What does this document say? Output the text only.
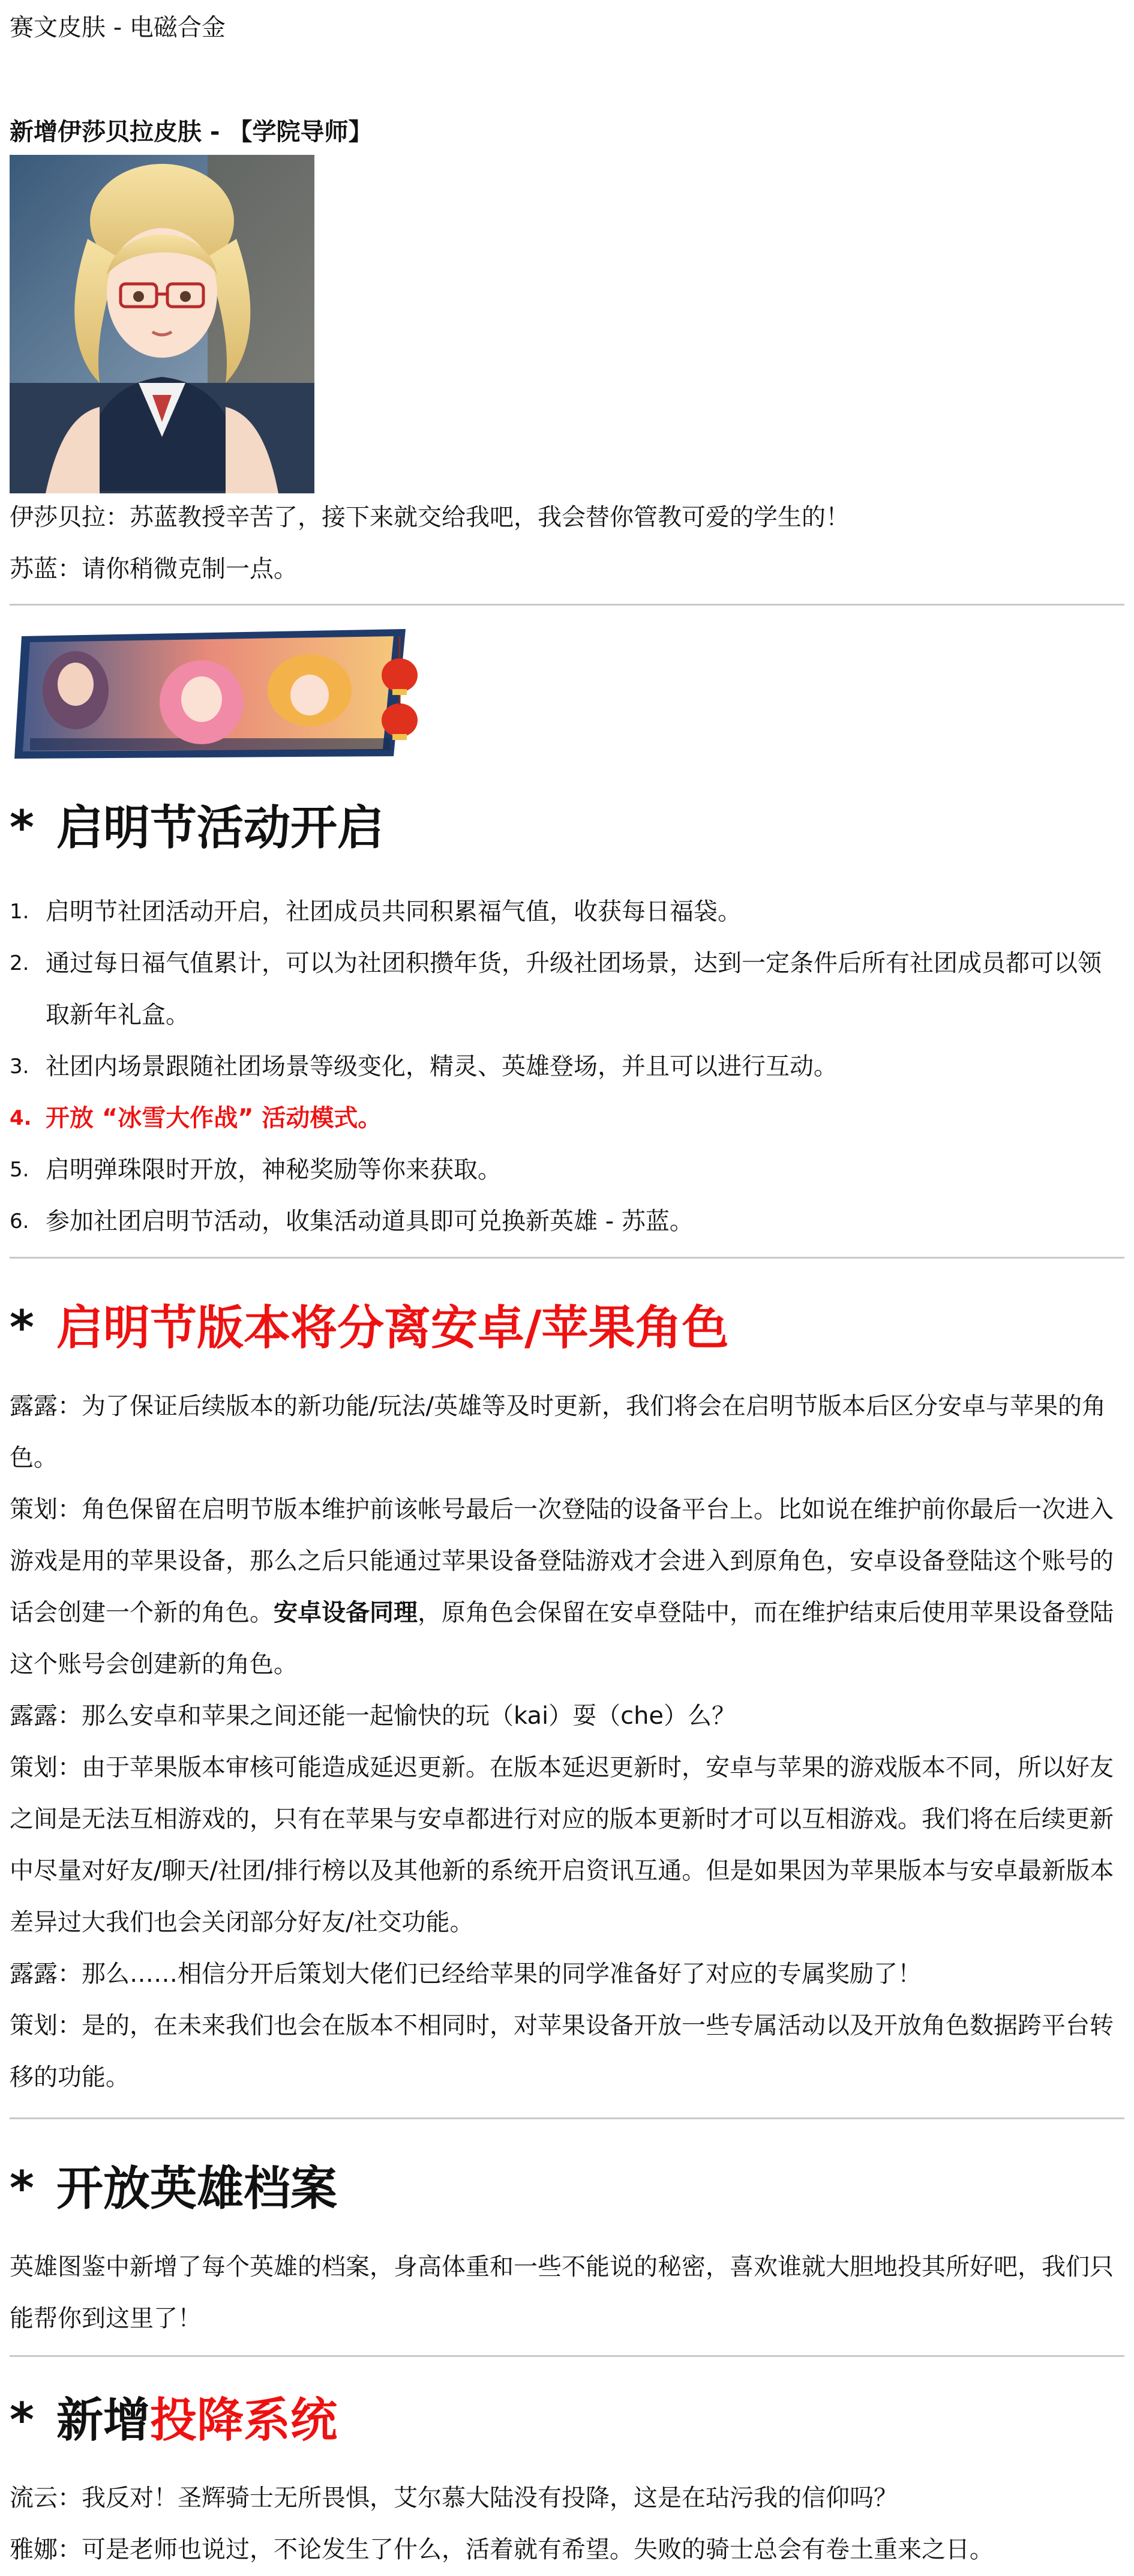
赛文皮肤 - 电磁合金
新增伊莎贝拉皮肤 - 【学院导师】
伊莎贝拉：苏蓝教授辛苦了，接下来就交给我吧，我会替你管教可爱的学生的！
苏蓝：请你稍微克制一点。
* 启明节活动开启
1. 启明节社团活动开启，社团成员共同积累福气值，收获每日福袋。
2. 通过每日福气值累计，可以为社团积攒年货，升级社团场景，达到一定条件后所有社团成员都可以领取新年礼盒。
3. 社团内场景跟随社团场景等级变化，精灵、英雄登场，并且可以进行互动。
4. 开放 “冰雪大作战” 活动模式。
5. 启明弹珠限时开放，神秘奖励等你来获取。
6. 参加社团启明节活动，收集活动道具即可兑换新英雄 - 苏蓝。
* 启明节版本将分离安卓/苹果角色
露露：为了保证后续版本的新功能/玩法/英雄等及时更新，我们将会在启明节版本后区分安卓与苹果的角色。
策划：角色保留在启明节版本维护前该帐号最后一次登陆的设备平台上。比如说在维护前你最后一次进入游戏是用的苹果设备，那么之后只能通过苹果设备登陆游戏才会进入到原角色，安卓设备登陆这个账号的话会创建一个新的角色。安卓设备同理，原角色会保留在安卓登陆中，而在维护结束后使用苹果设备登陆这个账号会创建新的角色。
露露：那么安卓和苹果之间还能一起愉快的玩（kai）耍（che）么？
策划：由于苹果版本审核可能造成延迟更新。在版本延迟更新时，安卓与苹果的游戏版本不同，所以好友之间是无法互相游戏的，只有在苹果与安卓都进行对应的版本更新时才可以互相游戏。我们将在后续更新中尽量对好友/聊天/社团/排行榜以及其他新的系统开启资讯互通。但是如果因为苹果版本与安卓最新版本差异过大我们也会关闭部分好友/社交功能。
露露：那么……相信分开后策划大佬们已经给苹果的同学准备好了对应的专属奖励了！
策划：是的，在未来我们也会在版本不相同时，对苹果设备开放一些专属活动以及开放角色数据跨平台转移的功能。
* 开放英雄档案
英雄图鉴中新增了每个英雄的档案，身高体重和一些不能说的秘密，喜欢谁就大胆地投其所好吧，我们只能帮你到这里了！
* 新增投降系统
流云：我反对！圣辉骑士无所畏惧，艾尔慕大陆没有投降，这是在玷污我的信仰吗？
雅娜：可是老师也说过，不论发生了什么，活着就有希望。失败的骑士总会有卷土重来之日。
